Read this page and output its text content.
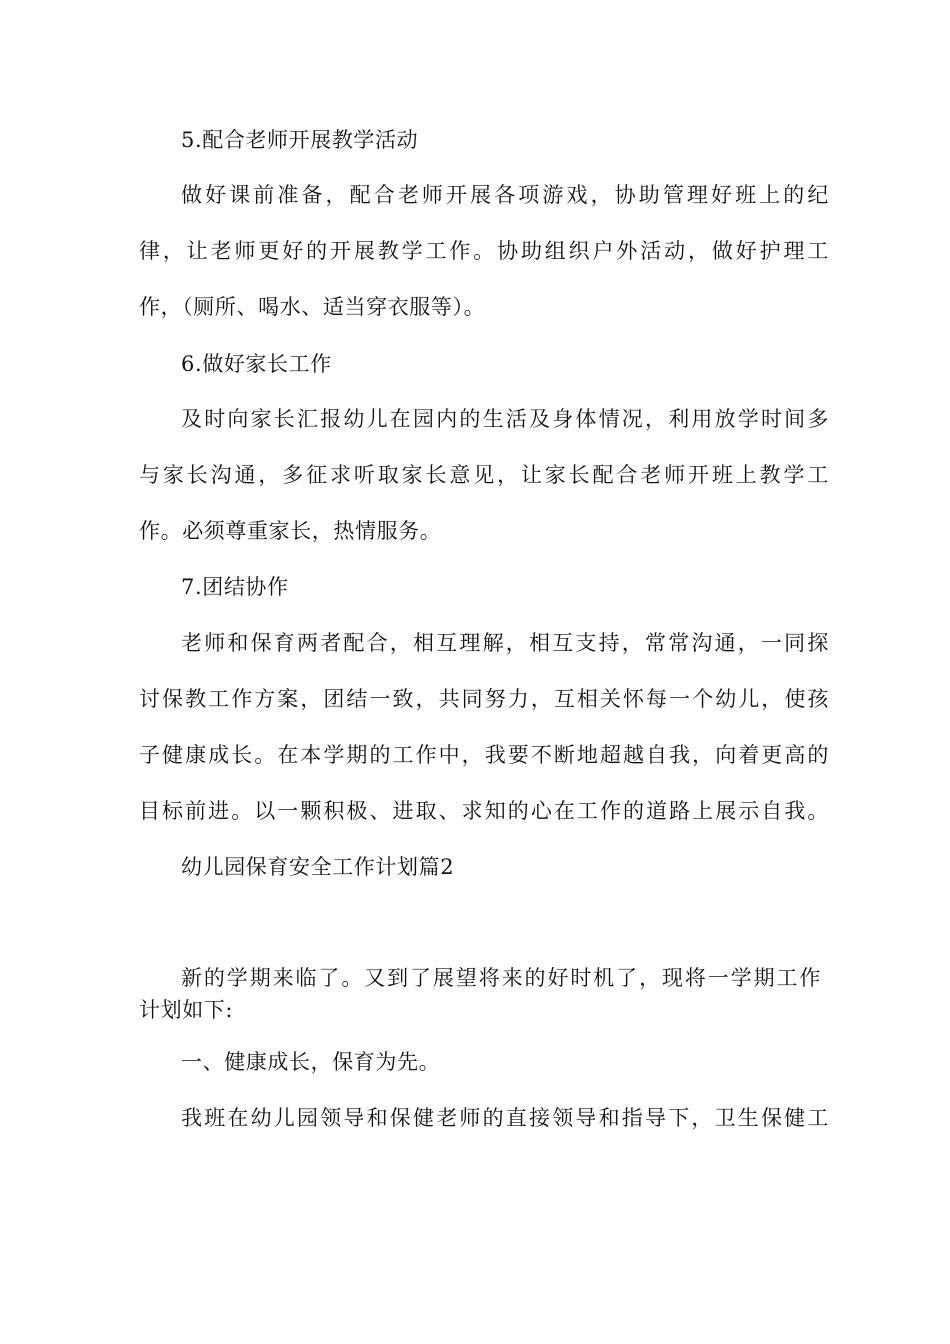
5.配合老师开展教学活动
做好课前准备，配合老师开展各项游戏，协助管理好班上的纪
律，让老师更好的开展教学工作。协助组织户外活动，做好护理工
作，（厕所、喝水、适当穿衣服等）。
6.做好家长工作
及时向家长汇报幼儿在园内的生活及身体情况，利用放学时间多
与家长沟通，多征求听取家长意见，让家长配合老师开班上教学工
作。必须尊重家长，热情服务。
7.团结协作
老师和保育两者配合，相互理解，相互支持，常常沟通，一同探
讨保教工作方案，团结一致，共同努力，互相关怀每一个幼儿，使孩
子健康成长。在本学期的工作中，我要不断地超越自我，向着更高的
目标前进。以一颗积极、进取、求知的心在工作的道路上展示自我。
幼儿园保育安全工作计划篇2
新的学期来临了。又到了展望将来的好时机了，现将一学期工作
计划如下:
一、健康成长，保育为先。
我班在幼儿园领导和保健老师的直接领导和指导下，卫生保健工
